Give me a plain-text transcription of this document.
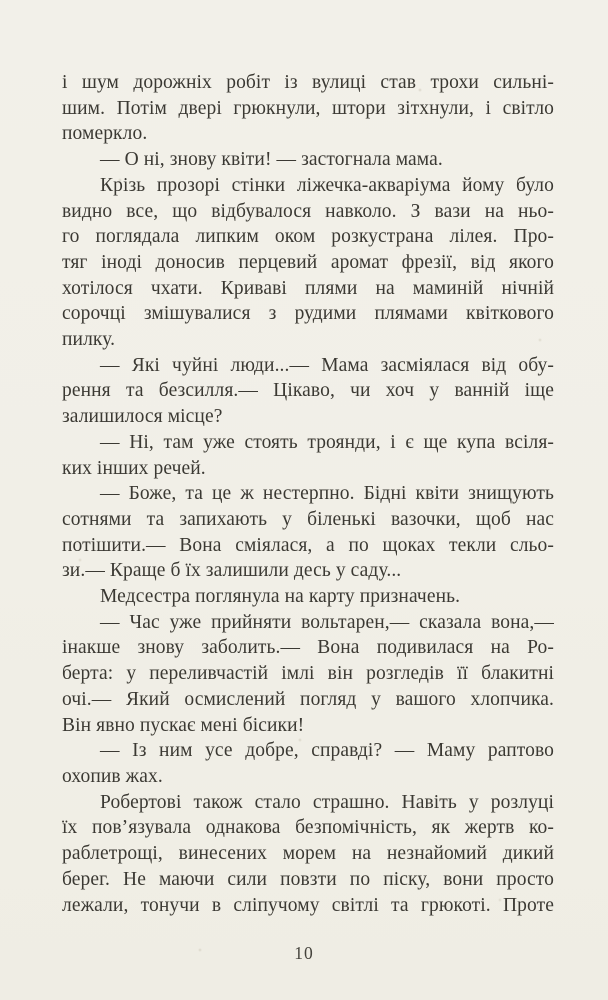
і шум дорожніх робіт із вулиці став трохи сильні-
шим. Потім двері грюкнули, штори зітхнули, і світло
померкло.
— О ні, знову квіти! — застогнала мама.
Крізь прозорі стінки ліжечка-акваріума йому було
видно все, що відбувалося навколо. З вази на ньо-
го поглядала липким оком розкустрана лілея. Про-
тяг іноді доносив перцевий аромат фрезії, від якого
хотілося чхати. Криваві плями на маминій нічній
сорочці змішувалися з рудими плямами квіткового
пилку.
— Які чуйні люди...— Мама засміялася від обу-
рення та безсилля.— Цікаво, чи хоч у ванній іще
залишилося місце?
— Ні, там уже стоять троянди, і є ще купа всіля-
ких інших речей.
— Боже, та це ж нестерпно. Бідні квіти знищують
сотнями та запихають у біленькі вазочки, щоб нас
потішити.— Вона сміялася, а по щоках текли сльо-
зи.— Краще б їх залишили десь у саду...
Медсестра поглянула на карту призначень.
— Час уже прийняти вольтарен,— сказала вона,—
інакше знову заболить.— Вона подивилася на Ро-
берта: у переливчастій імлі він розгледів її блакитні
очі.— Який осмислений погляд у вашого хлопчика.
Він явно пускає мені бісики!
— Із ним усе добре, справді? — Маму раптово
охопив жах.
Робертові також стало страшно. Навіть у розлуці
їх пов’язувала однакова безпомічність, як жертв ко-
раблетрощі, винесених морем на незнайомий дикий
берег. Не маючи сили повзти по піску, вони просто
лежали, тонучи в сліпучому світлі та грюкоті. Проте
10
